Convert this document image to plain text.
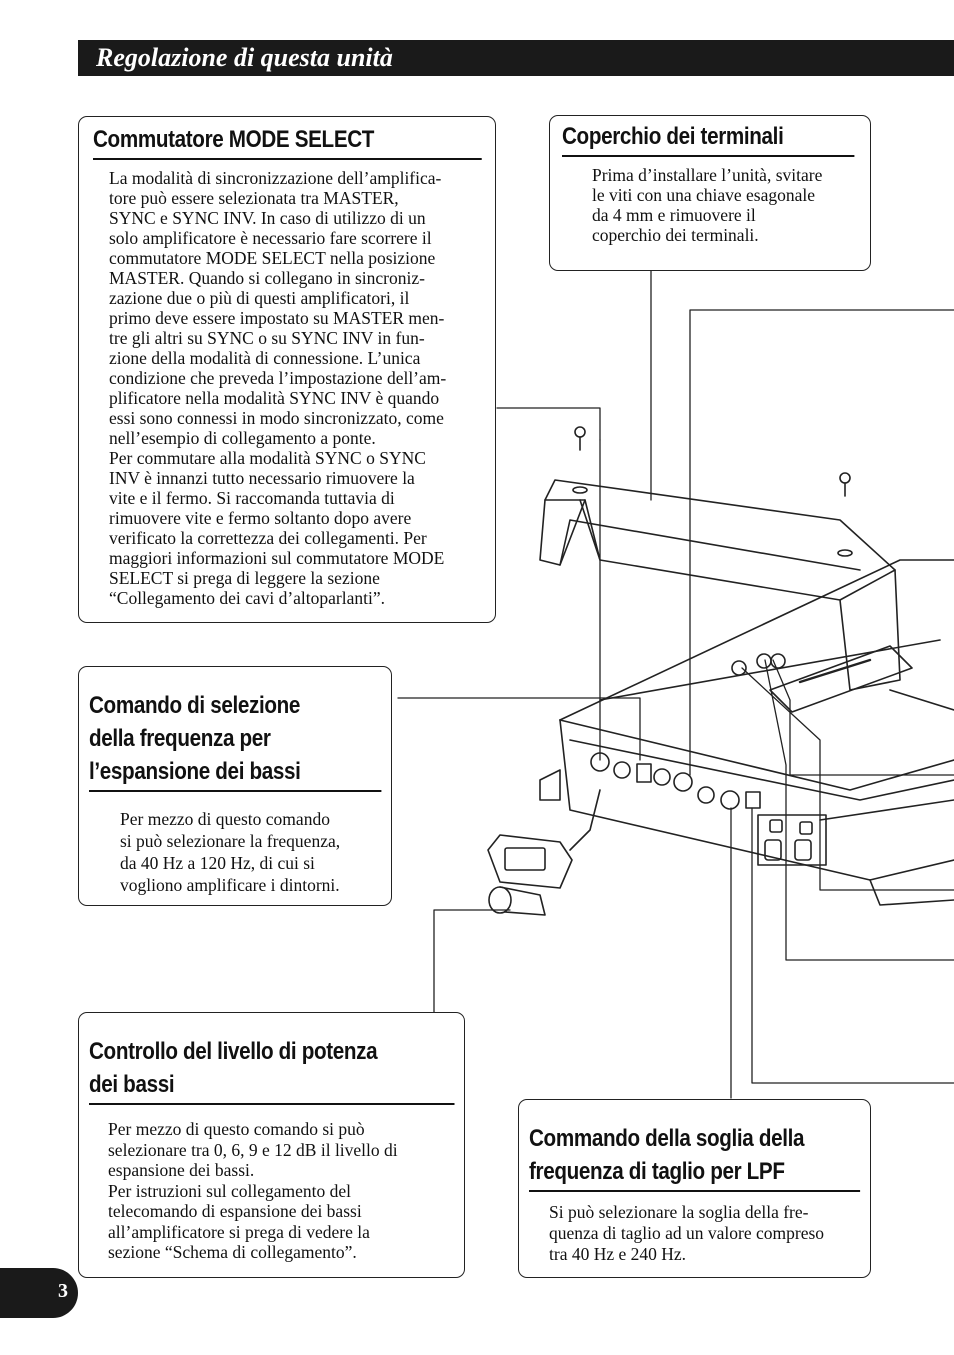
Regolazione di questa unità
Commutatore MODE SELECT

La modalità di sincronizzazione dell’amplifica-
tore può essere selezionata tra MASTER,
SYNC e SYNC INV. In caso di utilizzo di un
solo amplificatore è necessario fare scorrere il
commutatore MODE SELECT nella posizione
MASTER. Quando si collegano in sincroniz-
zazione due o più di questi amplificatori, il
primo deve essere impostato su MASTER men-
tre gli altri su SYNC o su SYNC INV in fun-
zione della modalità di connessione. L’unica
condizione che preveda l’impostazione dell’am-
plificatore nella modalità SYNC INV è quando
essi sono connessi in modo sincronizzato, come
nell’esempio di collegamento a ponte.
Per commutare alla modalità SYNC o SYNC
INV è innanzi tutto necessario rimuovere la
vite e il fermo. Si raccomanda tuttavia di
rimuovere vite e fermo soltanto dopo avere
verificato la correttezza dei collegamenti. Per
maggiori informazioni sul commutatore MODE
SELECT si prega di leggere la sezione
“Collegamento dei cavi d’altoparlanti”.

Coperchio dei terminali

Prima d’installare l’unità, svitare
le viti con una chiave esagonale
da 4 mm e rimuovere il
coperchio dei terminali.

Comando di selezione
della frequenza per
l’espansione dei bassi

Per mezzo di questo comando
si può selezionare la frequenza,
da 40 Hz a 120 Hz, di cui si
vogliono amplificare i dintorni.

Controllo del livello di potenza
dei bassi

Per mezzo di questo comando si può
selezionare tra 0, 6, 9 e 12 dB il livello di
espansione dei bassi.
Per istruzioni sul collegamento del
telecomando di espansione dei bassi
all’amplificatore si prega di vedere la
sezione “Schema di collegamento”.

Commando della soglia della
frequenza di taglio per LPF

Si può selezionare la soglia della fre-
quenza di taglio ad un valore compreso
tra 40 Hz e 240 Hz.

3
